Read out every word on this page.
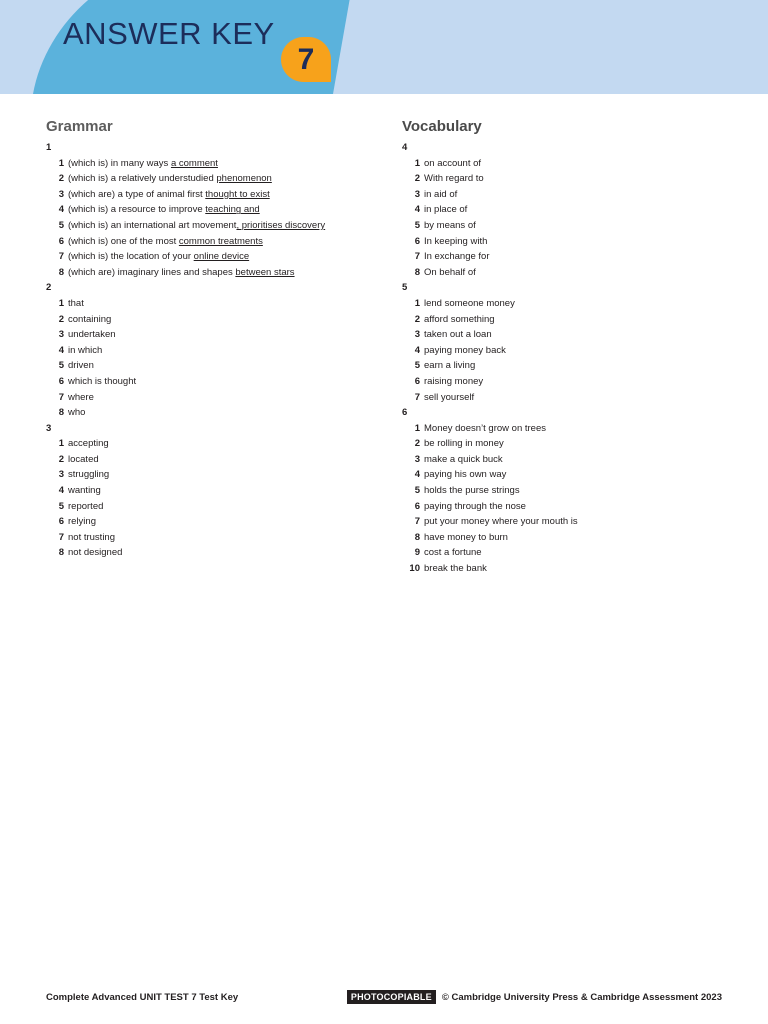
ANSWER KEY
7
Grammar
1
1 (which is) in many ways a comment
2 (which is) a relatively understudied phenomenon
3 (which are) a type of animal first thought to exist
4 (which is) a resource to improve teaching and
5 (which is) an international art movement, prioritises discovery
6 (which is) one of the most common treatments
7 (which is) the location of your online device
8 (which are) imaginary lines and shapes between stars
2
1 that
2 containing
3 undertaken
4 in which
5 driven
6 which is thought
7 where
8 who
3
1 accepting
2 located
3 struggling
4 wanting
5 reported
6 relying
7 not trusting
8 not designed
Vocabulary
4
1 on account of
2 With regard to
3 in aid of
4 in place of
5 by means of
6 In keeping with
7 In exchange for
8 On behalf of
5
1 lend someone money
2 afford something
3 taken out a loan
4 paying money back
5 earn a living
6 raising money
7 sell yourself
6
1 Money doesn’t grow on trees
2 be rolling in money
3 make a quick buck
4 paying his own way
5 holds the purse strings
6 paying through the nose
7 put your money where your mouth is
8 have money to burn
9 cost a fortune
10 break the bank
Complete Advanced UNIT TEST 7 Test Key	PHOTOCOPIABLE	© Cambridge University Press & Cambridge Assessment 2023
